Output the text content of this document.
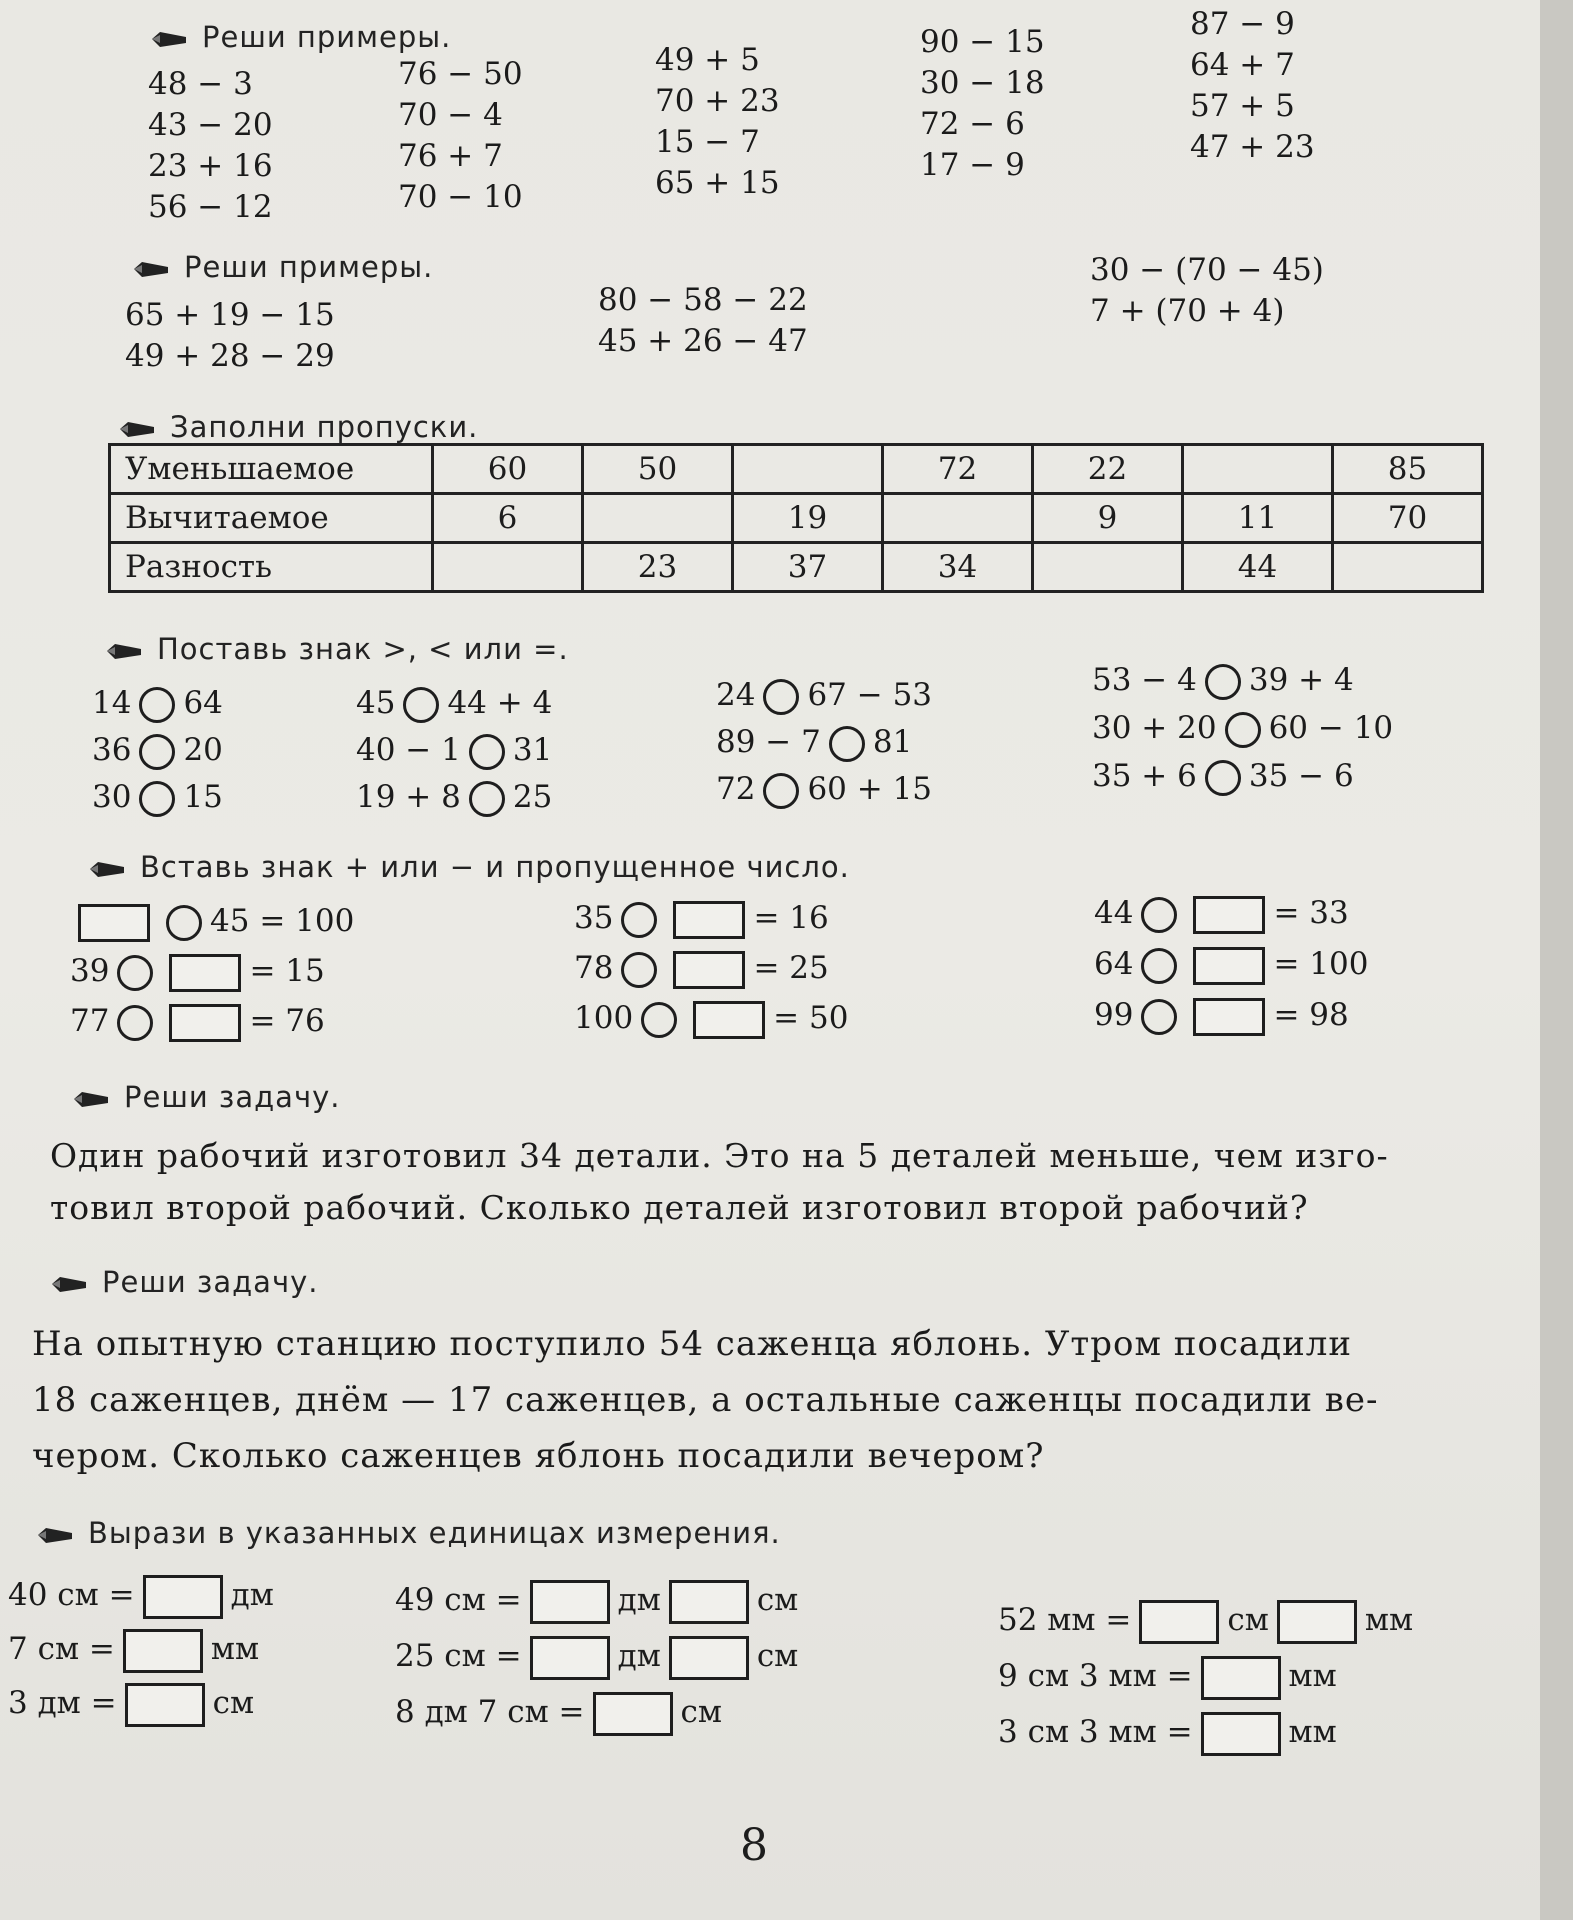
Реши примеры.
48 − 3
43 − 20
23 + 16
56 − 12
76 − 50
70 − 4
76 + 7
70 − 10
49 + 5
70 + 23
15 − 7
65 + 15
90 − 15
30 − 18
72 − 6
17 − 9
87 − 9
64 + 7
57 + 5
47 + 23
Реши примеры.
65 + 19 − 15
49 + 28 − 29
80 − 58 − 22
45 + 26 − 47
30 − (70 − 45)
7 + (70 + 4)
Заполни пропуски.
Уменьшаемое	60	50		72	22		85
Вычитаемое	6		19		9	11	70
Разность		23	37	34		44	
Поставь знак >, < или =.
14 64
36 20
30 15
45 44 + 4
40 − 1 31
19 + 8 25
24 67 − 53
89 − 7 81
72 60 + 15
53 − 4 39 + 4
30 + 20 60 − 10
35 + 6 35 − 6
Вставь знак + или − и пропущенное число.
45 = 100
39	= 15
77	= 76
35	= 16
78	= 25
100	= 50
44	= 33
64	= 100
99	= 98
Реши задачу.
Один рабочий изготовил 34 детали. Это на 5 деталей меньше, чем изго-
товил второй рабочий. Сколько деталей изготовил второй рабочий?
Реши задачу.
На опытную станцию поступило 54 саженца яблонь. Утром посадили
18 саженцев, днём — 17 саженцев, а остальные саженцы посадили ве-
чером. Сколько саженцев яблонь посадили вечером?
Вырази в указанных единицах измерения.
40 см =	дм
7 см =	мм
3 дм =	см
49 см =	дм	см
25 см =	дм	см
8 дм 7 см =	см
52 мм =	см	мм
9 см 3 мм =	мм
3 см 3 мм =	мм
8
